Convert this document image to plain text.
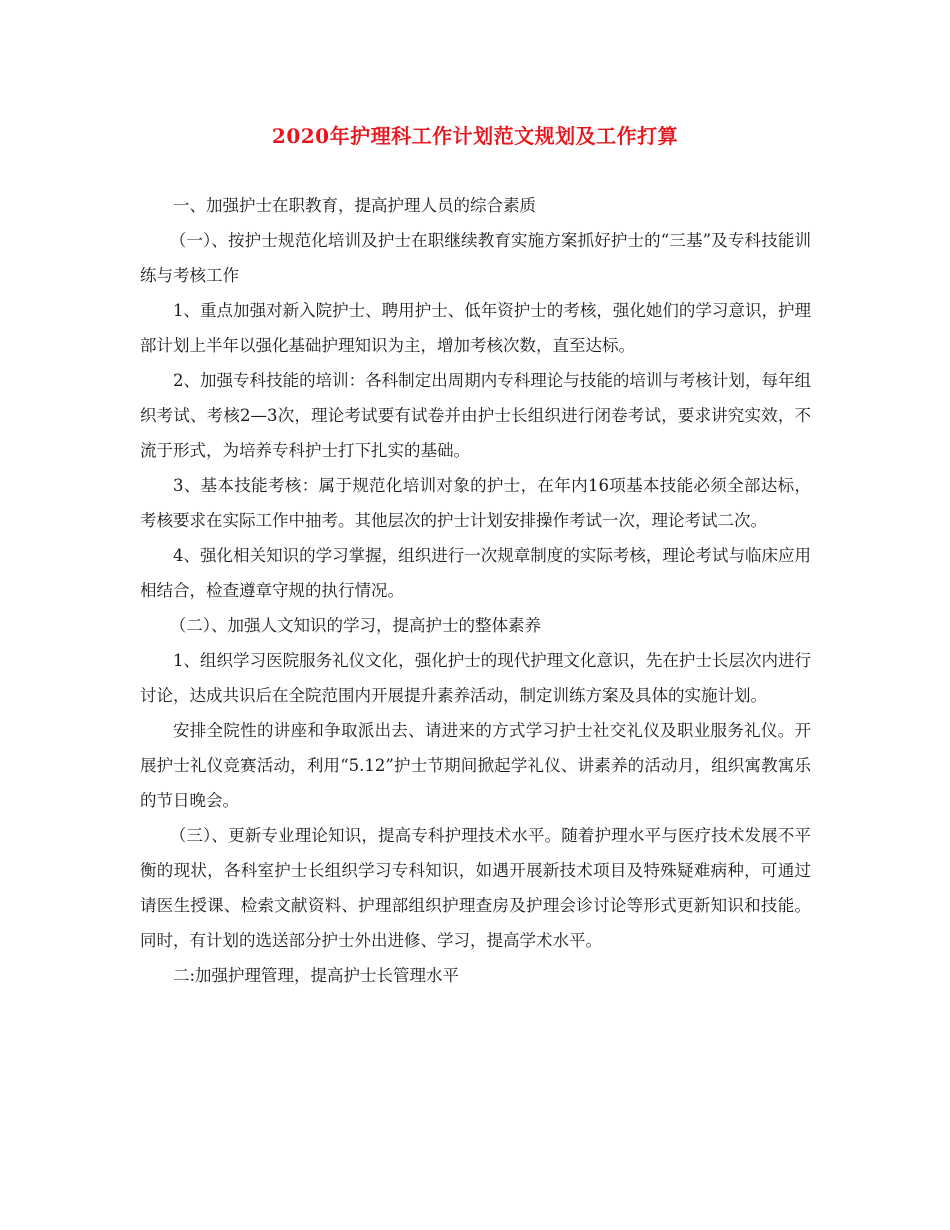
2020年护理科工作计划范文规划及工作打算

一、加强护士在职教育，提高护理人员的综合素质

（一）、按护士规范化培训及护士在职继续教育实施方案抓好护士的“三基”及专科技能训练与考核工作

1、重点加强对新入院护士、聘用护士、低年资护士的考核，强化她们的学习意识，护理部计划上半年以强化基础护理知识为主，增加考核次数，直至达标。

2、加强专科技能的培训：各科制定出周期内专科理论与技能的培训与考核计划，每年组织考试、考核2—3次，理论考试要有试卷并由护士长组织进行闭卷考试，要求讲究实效，不流于形式，为培养专科护士打下扎实的基础。

3、基本技能考核：属于规范化培训对象的护士，在年内16项基本技能必须全部达标，考核要求在实际工作中抽考。其他层次的护士计划安排操作考试一次，理论考试二次。

4、强化相关知识的学习掌握，组织进行一次规章制度的实际考核，理论考试与临床应用相结合，检查遵章守规的执行情况。

（二）、加强人文知识的学习，提高护士的整体素养

1、组织学习医院服务礼仪文化，强化护士的现代护理文化意识，先在护士长层次内进行讨论，达成共识后在全院范围内开展提升素养活动，制定训练方案及具体的实施计划。

安排全院性的讲座和争取派出去、请进来的方式学习护士社交礼仪及职业服务礼仪。开展护士礼仪竞赛活动，利用“5.12”护士节期间掀起学礼仪、讲素养的活动月，组织寓教寓乐的节日晚会。

（三）、更新专业理论知识，提高专科护理技术水平。随着护理水平与医疗技术发展不平衡的现状，各科室护士长组织学习专科知识，如遇开展新技术项目及特殊疑难病种，可通过请医生授课、检索文献资料、护理部组织护理查房及护理会诊讨论等形式更新知识和技能。同时，有计划的选送部分护士外出进修、学习，提高学术水平。

二:加强护理管理，提高护士长管理水平
